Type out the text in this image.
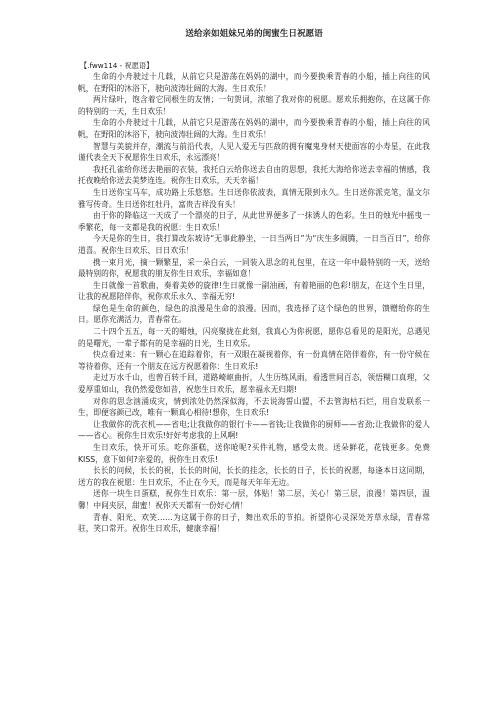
送给亲如姐妹兄弟的闺蜜生日祝愿语
【.fww114 - 祝愿语】

生命的小舟驶过十几载，从前它只是游荡在妈妈的湖中，而今要换乘青春的小船，插上向往的风帆，在野阳的沐浴下，驶向波涛壮阔的大海。生日欢乐！

两片绿叶，饱含着它同根生的友情；一句贺词，浓缩了我对你的祝愿。愿欢乐拥抱你，在这属于你的特别的一天，生日欢乐！

生命的小舟驶过十几载，从前它只是游荡在妈妈的湖中，而今要换乘青春的小船，插上向往的风帆，在野阳的沐浴下，驶向波涛壮阔的大海。生日欢乐！

智慧与美貌并存，潮流与前沿代表，人见人爱无与匹敌的拥有魔鬼身材天使面容的小寿星，在此我谨代表全天下祝愿你生日欢乐，永远漂亮！

我托孔雀给你送去艳丽的衣装，我托白云给你送去自由的思想，我托大海给你送去幸福的情感，我托夜晚给你送去美梦连连。祝你生日欢乐，天天幸福！

生日送你宝马车，成功路上乐悠悠。生日送你依波表，真情无限到永久。生日送你派克笔，温文尔雅写传奇。生日送你红牡丹，富贵吉祥没有头！

由于你的降临这一天成了一个漂亮的日子，从此世界便多了一抹诱人的色彩。生日的烛光中摇曳一季繁花，每一支都是我的祝愿：生日欢乐！

今天是你的生日，我打算改东坡诗“无事此静坐，一日当两日”为“庆生多闹腾，一日当百日”，给你道喜。祝你生日欢乐、日日欢乐！

携一束月光，摘一颗繁星，采一朵白云，一同装入思念的礼包里，在这一年中最特别的一天，送给最特别的你，祝愿我的朋友你生日欢乐，幸福如意！

生日就像一首歌曲，奏着美妙的旋律!生日就像一副油画，有着艳丽的色彩!朋友，在这个生日里，让我的祝愿陪伴你，祝你欢乐永久、幸福无穷!

绿色是生命的颜色，绿色的浪漫是生命的浪漫。因而，我选择了这个绿色的世界，馈赠给你的生日。愿你充满活力，青春常在。

二十四个五五，每一天的蜡烛，闪亮聚拢在此刻，我真心为你祝愿，愿你总看见的是阳光，总遇见的是曙光，一辈子都有的是幸福的日光，生日欢乐。

快点看过来：有一颗心在追踪着你，有一双眼在凝视着你，有一份真情在陪伴着你，有一份守候在等待着你，还有一个朋友在远方祝愿着你：生日欢乐!

走过万水千山，也曾百转千回，道路崎岖曲折，人生历练风雨，看透世间百态，领悟糊口真理，父爱厚重如山，我仍然爱您如昔，祝您生日欢乐，愿幸福永无归期!

对你的思念汹涌成灾，情到浓处仍然深似海，不去说海誓山盟，不去管海枯石烂，用自发联系一生，即便容颜已改，唯有一颗真心相待!想你，生日欢乐!

让我做你的洗衣机——省电;让我做你的银行卡——省钱;让我做你的厨师——省劲;让我做你的爱人——省心。祝你生日欢乐!好好考虑我的上风啊!

生日欢乐，快开可乐。吃你蛋糕，送你呛呢?买件礼物，感受太贵。送朵鲜花，花钱更多。免费KISS，意下如何?亲爱的，祝你生日欢乐!

长长的问候，长长的祝，长长的时间，长长的挂念，长长的日子，长长的祝愿，每逢本日这同期，送方的我在祝愿：生日欢乐，不止在今天，而是每天年年无边。

送你一块生日蛋糕，祝你生日欢乐：第一层，体贴！第二层，关心！第三层，浪漫！第四层，温馨！中间夹层，甜蜜！祝你天天都有一份好心情！

青春、阳光、欢笑……为这属于你的日子，舞出欢乐的节拍。祈望你心灵深处芳草永绿，青春常驻，笑口常开。祝你生日欢乐，健康幸福！
